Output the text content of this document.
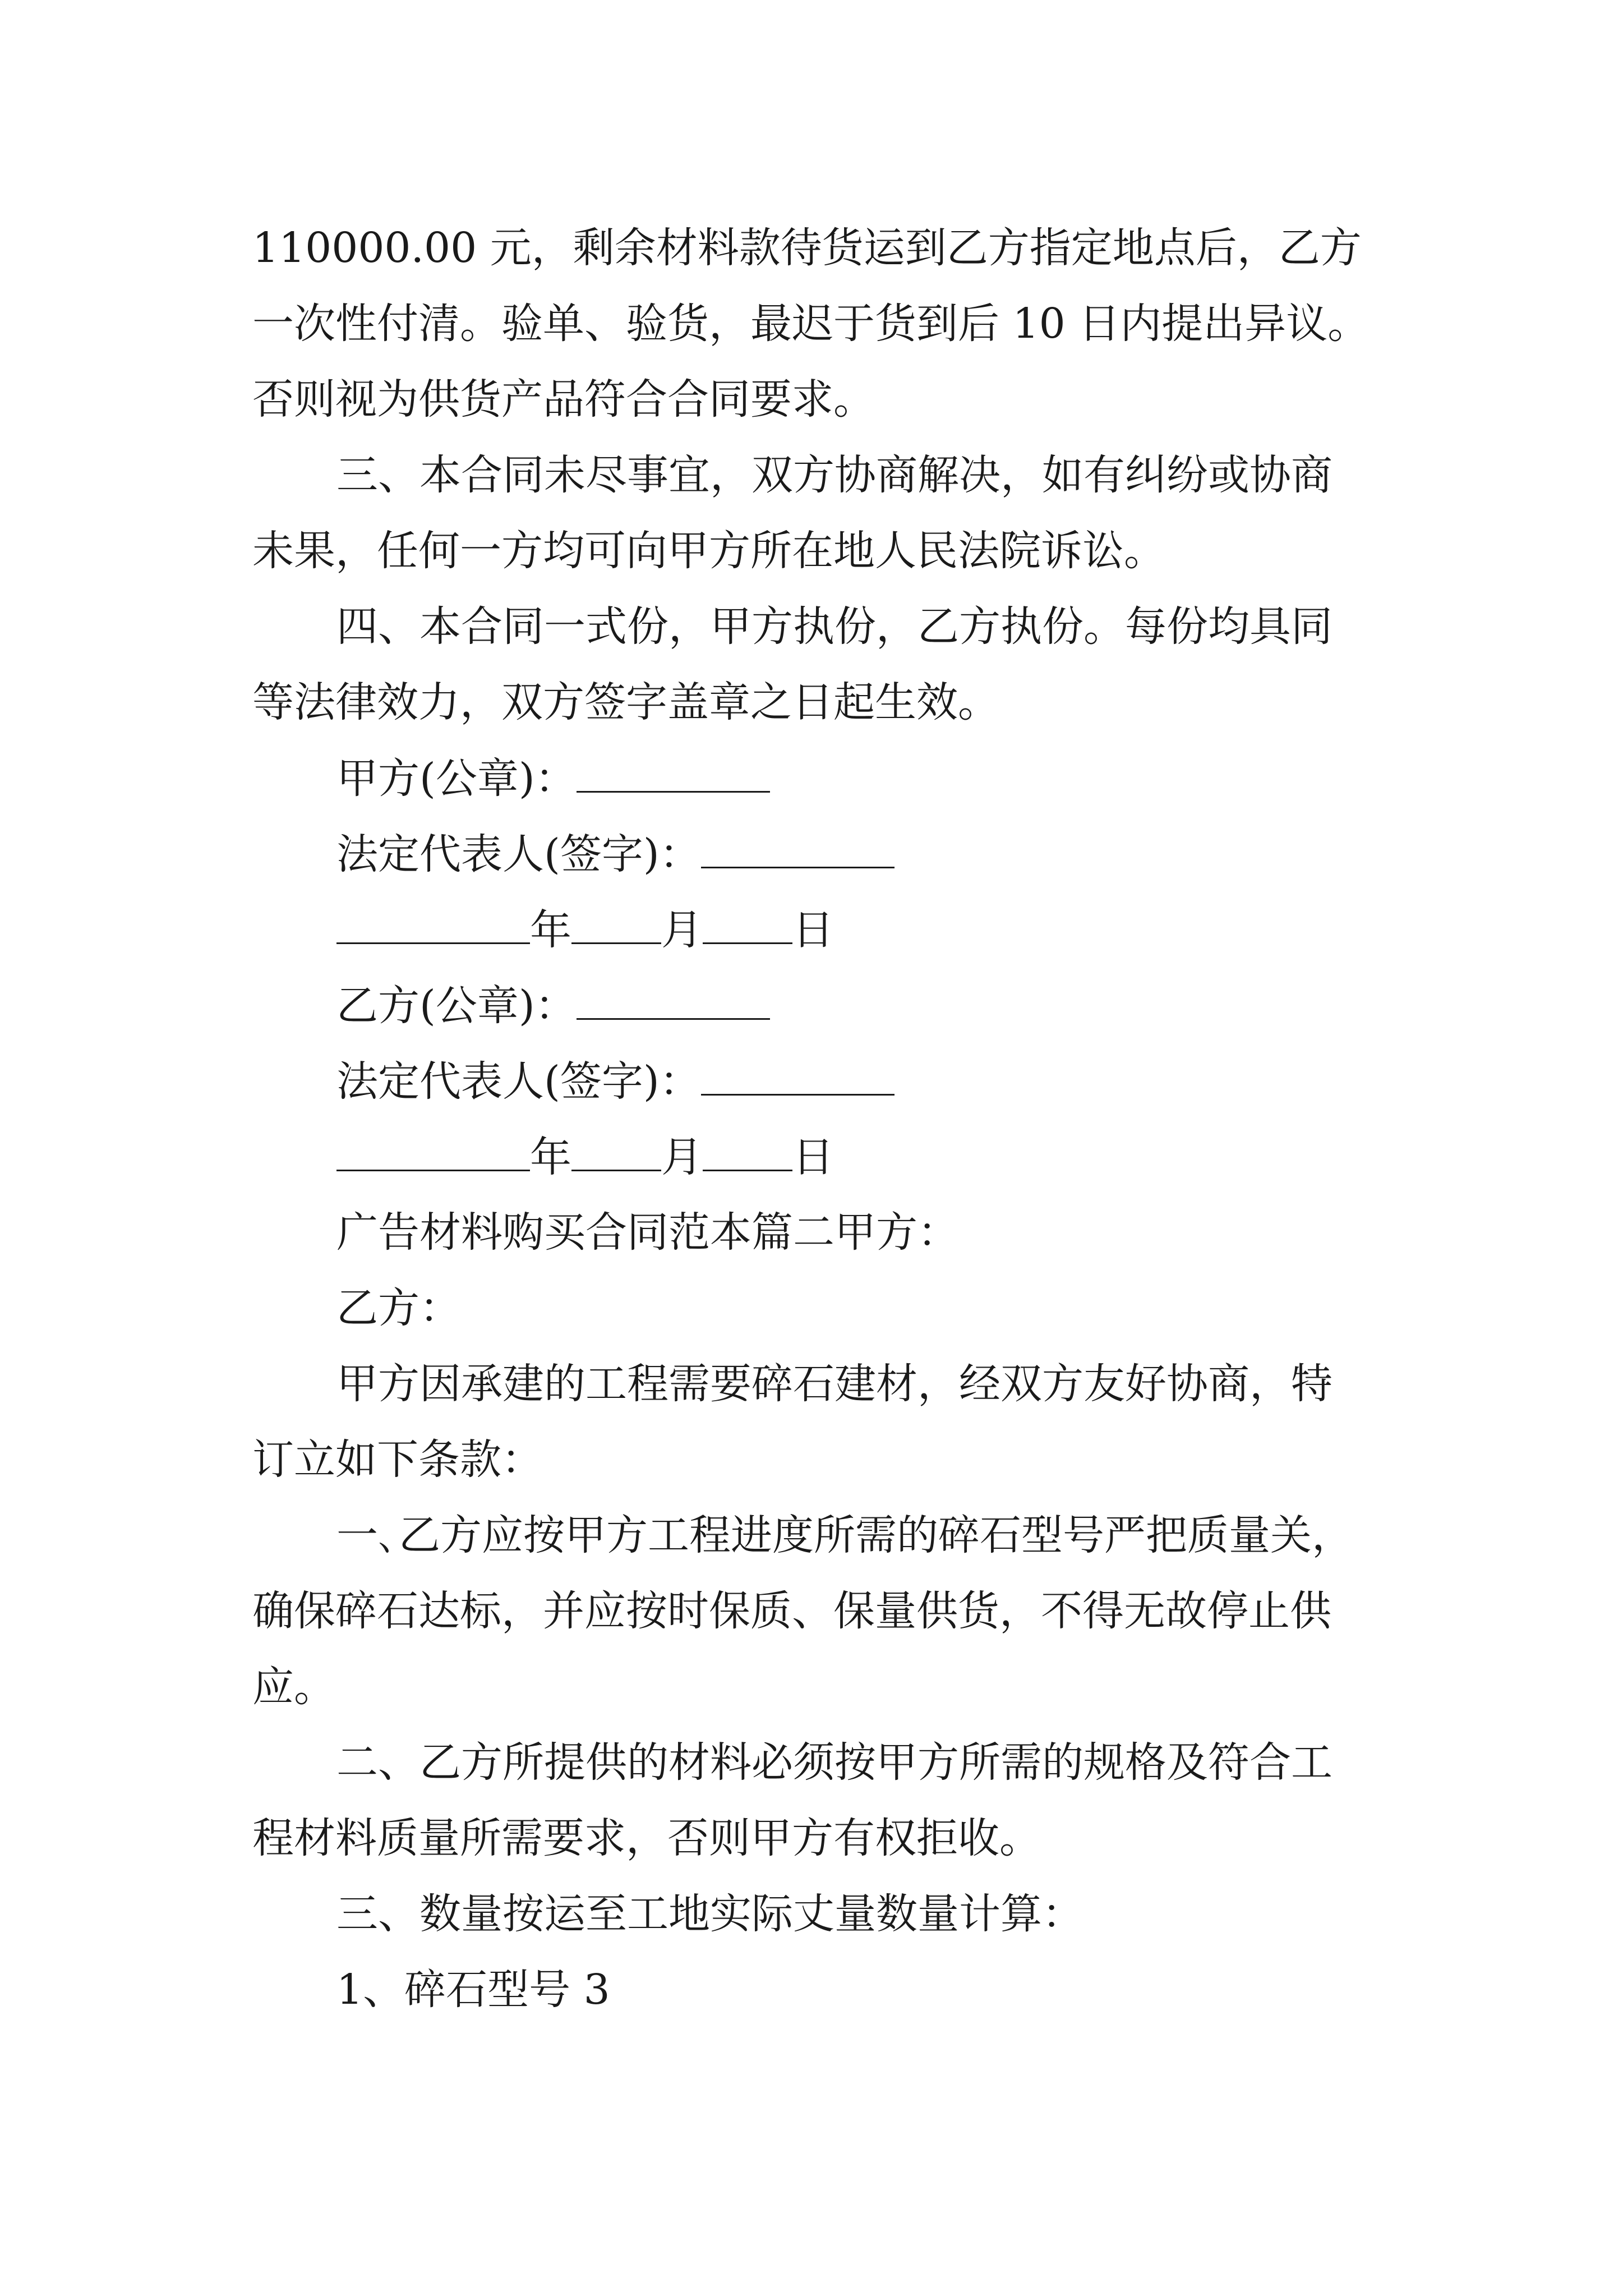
110000.00 元，剩余材料款待货运到乙方指定地点后，乙方
一次性付清。验单、验货，最迟于货到后 10 日内提出异议。
否则视为供货产品符合合同要求。
三、本合同未尽事宜，双方协商解决，如有纠纷或协商
未果，任何一方均可向甲方所在地人民法院诉讼。
四、本合同一式份，甲方执份，乙方执份。每份均具同
等法律效力，双方签字盖章之日起生效。
甲方(公章)：
法定代表人(签字)：
年 月 日
乙方(公章)：
法定代表人(签字)：
年 月 日
广告材料购买合同范本篇二甲方：
乙方：
甲方因承建的工程需要碎石建材，经双方友好协商，特
订立如下条款：
一､乙方应按甲方工程进度所需的碎石型号严把质量关，
确保碎石达标，并应按时保质、保量供货，不得无故停止供
应。
二、乙方所提供的材料必须按甲方所需的规格及符合工
程材料质量所需要求，否则甲方有权拒收。
三、数量按运至工地实际丈量数量计算：
1、碎石型号 3
